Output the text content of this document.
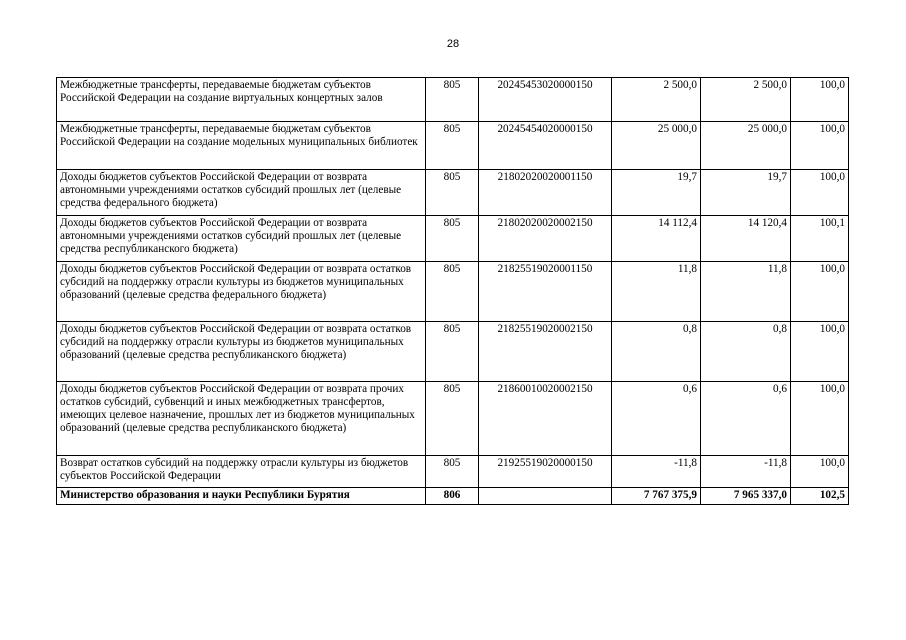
28
Межбюджетные трансферты, передаваемые бюджетам субъектов Российской Федерации на создание виртуальных концертных залов	805	20245453020000150	2 500,0	2 500,0	100,0
Межбюджетные трансферты, передаваемые бюджетам субъектов Российской Федерации на создание модельных муниципальных библиотек	805	20245454020000150	25 000,0	25 000,0	100,0
Доходы бюджетов субъектов Российской Федерации от возврата автономными учреждениями остатков субсидий прошлых лет (целевые средства федерального бюджета)	805	21802020020001150	19,7	19,7	100,0
Доходы бюджетов субъектов Российской Федерации от возврата автономными учреждениями остатков субсидий прошлых лет (целевые средства республиканского бюджета)	805	21802020020002150	14 112,4	14 120,4	100,1
Доходы бюджетов субъектов Российской Федерации от возврата остатков субсидий на поддержку отрасли культуры из бюджетов муниципальных образований (целевые средства федерального бюджета)	805	21825519020001150	11,8	11,8	100,0
Доходы бюджетов субъектов Российской Федерации от возврата остатков субсидий на поддержку отрасли культуры из бюджетов муниципальных образований (целевые средства республиканского бюджета)	805	21825519020002150	0,8	0,8	100,0
Доходы бюджетов субъектов Российской Федерации от возврата прочих остатков субсидий, субвенций и иных межбюджетных трансфертов, имеющих целевое назначение, прошлых лет из бюджетов муниципальных образований (целевые средства республиканского бюджета)	805	21860010020002150	0,6	0,6	100,0
Возврат остатков субсидий на поддержку отрасли культуры из бюджетов субъектов Российской Федерации	805	21925519020000150	-11,8	-11,8	100,0
Министерство образования и науки Республики Бурятия	806		7 767 375,9	7 965 337,0	102,5
